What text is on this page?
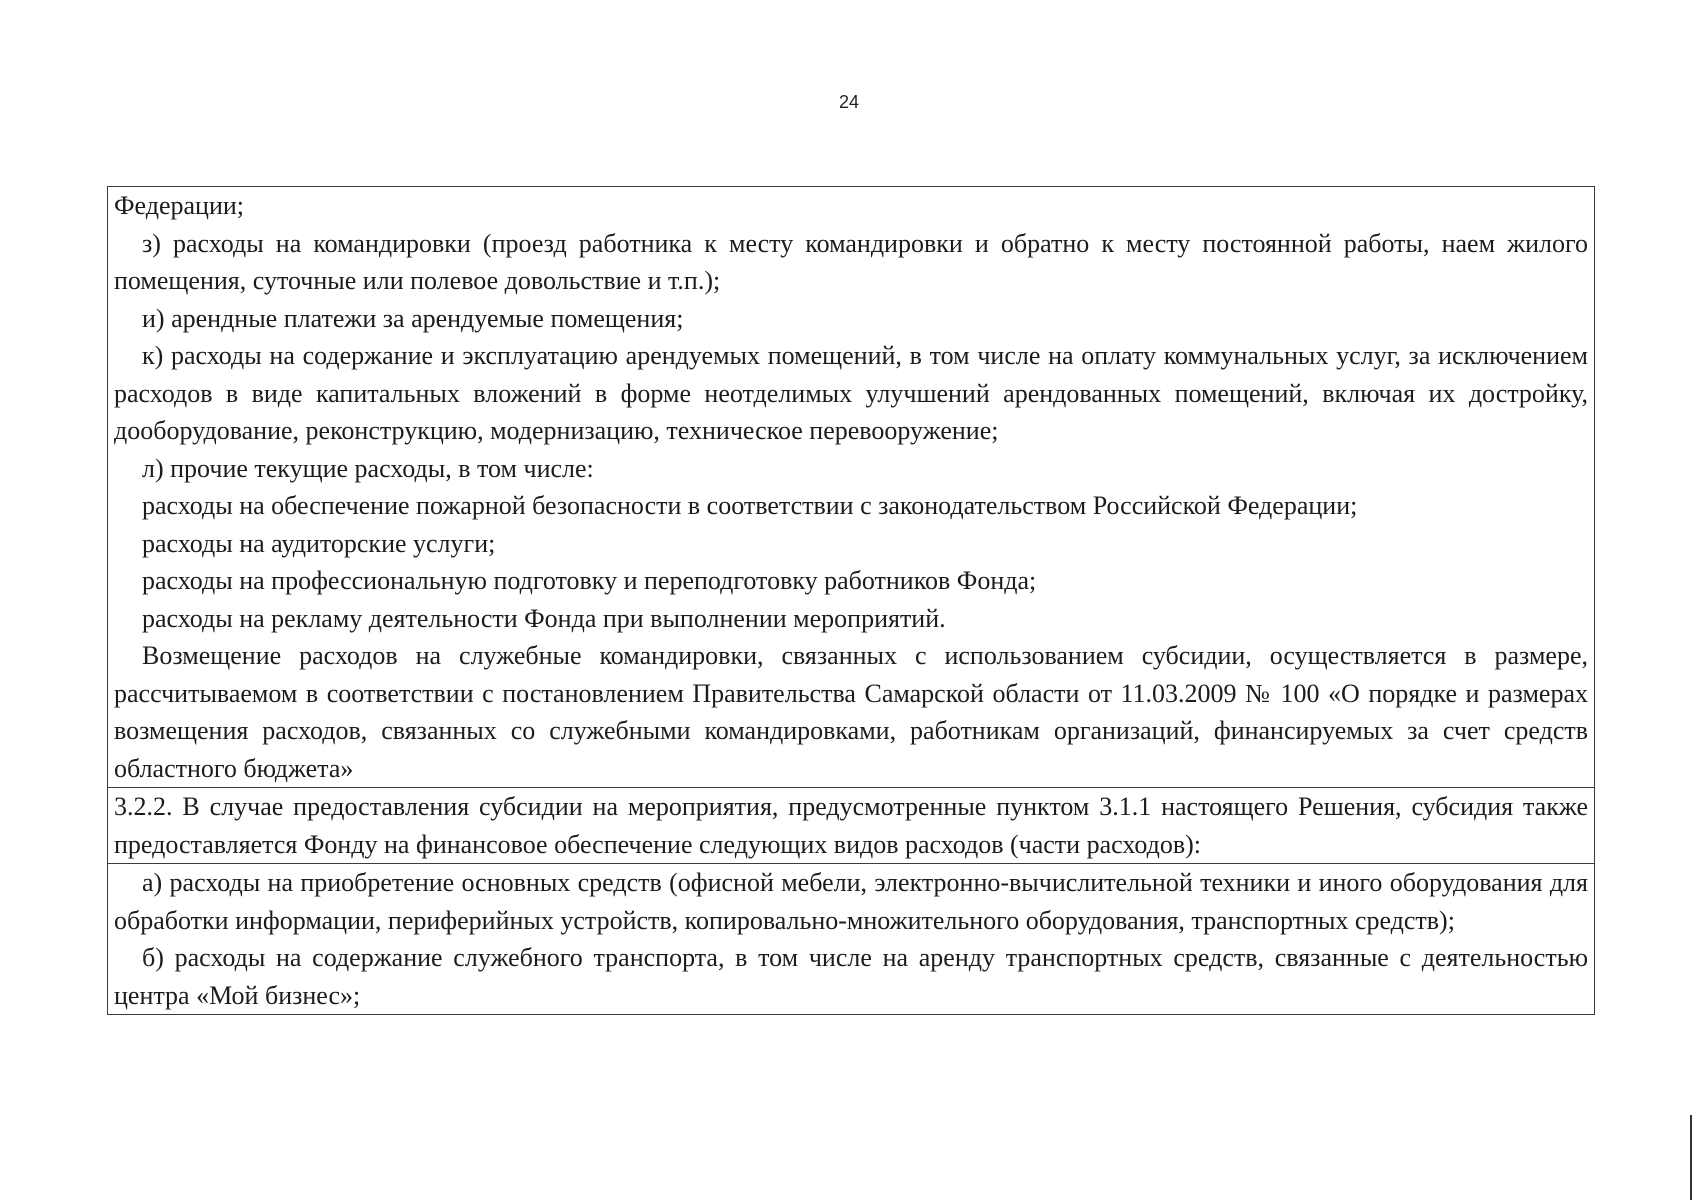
24

Федерации;

з) расходы на командировки (проезд работника к месту командировки и обратно к месту постоянной работы, наем жилого помещения, суточные или полевое довольствие и т.п.);

и) арендные платежи за арендуемые помещения;

к) расходы на содержание и эксплуатацию арендуемых помещений, в том числе на оплату коммунальных услуг, за исключением расходов в виде капитальных вложений в форме неотделимых улучшений арендованных помещений, включая их достройку, дооборудование, реконструкцию, модернизацию, техническое перевооружение;

л) прочие текущие расходы, в том числе:

расходы на обеспечение пожарной безопасности в соответствии с законодательством Российской Федерации;

расходы на аудиторские услуги;

расходы на профессиональную подготовку и переподготовку работников Фонда;

расходы на рекламу деятельности Фонда при выполнении мероприятий.

Возмещение расходов на служебные командировки, связанных с использованием субсидии, осуществляется в размере, рассчитываемом в соответствии с постановлением Правительства Самарской области от 11.03.2009 № 100 «О порядке и размерах возмещения расходов, связанных со служебными командировками, работникам организаций, финансируемых за счет средств областного бюджета»

3.2.2. В случае предоставления субсидии на мероприятия, предусмотренные пунктом 3.1.1 настоящего Решения, субсидия также предоставляется Фонду на финансовое обеспечение следующих видов расходов (части расходов):

а) расходы на приобретение основных средств (офисной мебели, электронно-вычислительной техники и иного оборудования для обработки информации, периферийных устройств, копировально-множительного оборудования, транспортных средств);

б) расходы на содержание служебного транспорта, в том числе на аренду транспортных средств, связанные с деятельностью центра «Мой бизнес»;
